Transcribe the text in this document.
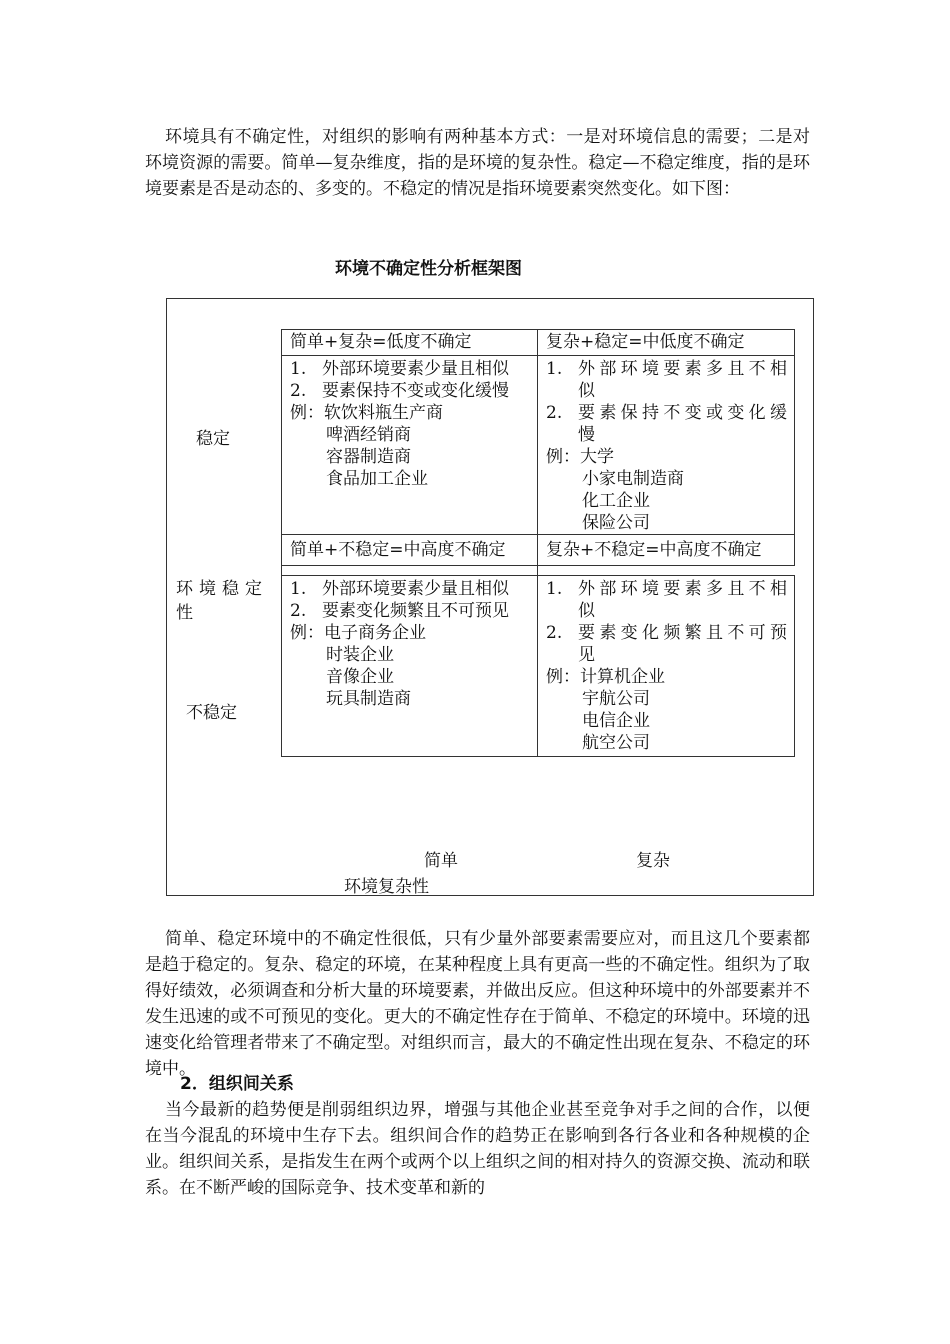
环境具有不确定性，对组织的影响有两种基本方式：一是对环境信息的需要；二是对环境资源的需要。简单—复杂维度，指的是环境的复杂性。稳定—不稳定维度，指的是环境要素是否是动态的、多变的。不稳定的情况是指环境要素突然变化。如下图：

环境不确定性分析框架图
稳定
环境稳定性
不稳定
简单+复杂=低度不确定
1. 外部环境要素少量且相似
2. 要素保持不变或变化缓慢
例：软饮料瓶生产商
啤酒经销商
容器制造商
食品加工企业
复杂+稳定=中低度不确定
1. 外部环境要素多且不相似
2. 要素保持不变或变化缓慢
例：大学
小家电制造商
化工企业
保险公司
简单+不稳定=中高度不确定
1. 外部环境要素少量且相似
2. 要素变化频繁且不可预见
例：电子商务企业
时装企业
音像企业
玩具制造商
复杂+不稳定=中高度不确定
1. 外部环境要素多且不相似
2. 要素变化频繁且不可预见
例：计算机企业
宇航公司
电信企业
航空公司
简单	复杂
环境复杂性

简单、稳定环境中的不确定性很低，只有少量外部要素需要应对，而且这几个要素都是趋于稳定的。复杂、稳定的环境，在某种程度上具有更高一些的不确定性。组织为了取得好绩效，必须调查和分析大量的环境要素，并做出反应。但这种环境中的外部要素并不发生迅速的或不可预见的变化。更大的不确定性存在于简单、不稳定的环境中。环境的迅速变化给管理者带来了不确定型。对组织而言，最大的不确定性出现在复杂、不稳定的环境中。

2．组织间关系

当今最新的趋势便是削弱组织边界，增强与其他企业甚至竞争对手之间的合作，以便在当今混乱的环境中生存下去。组织间合作的趋势正在影响到各行各业和各种规模的企业。组织间关系，是指发生在两个或两个以上组织之间的相对持久的资源交换、流动和联系。在不断严峻的国际竞争、技术变革和新的
